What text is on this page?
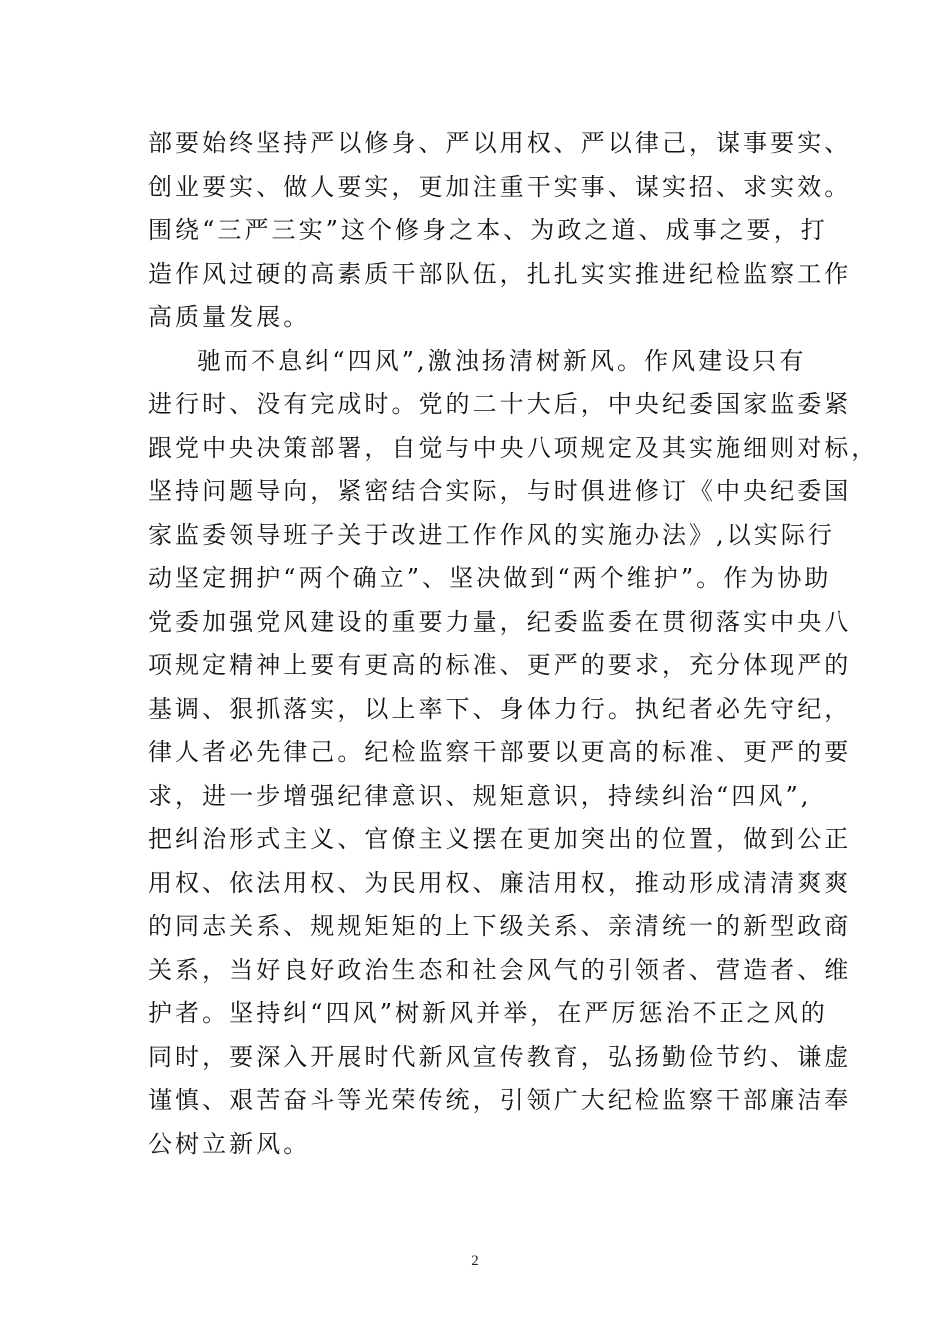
部要始终坚持严以修身、严以用权、严以律己，谋事要实、
创业要实、做人要实，更加注重干实事、谋实招、求实效。
围绕“三严三实”这个修身之本、为政之道、成事之要，打
造作风过硬的高素质干部队伍，扎扎实实推进纪检监察工作
高质量发展。
驰而不息纠“四风”,激浊扬清树新风。作风建设只有
进行时、没有完成时。党的二十大后，中央纪委国家监委紧
跟党中央决策部署，自觉与中央八项规定及其实施细则对标，
坚持问题导向，紧密结合实际，与时俱进修订《中央纪委国
家监委领导班子关于改进工作作风的实施办法》,以实际行
动坚定拥护“两个确立”、坚决做到“两个维护”。作为协助
党委加强党风建设的重要力量，纪委监委在贯彻落实中央八
项规定精神上要有更高的标准、更严的要求，充分体现严的
基调、狠抓落实，以上率下、身体力行。执纪者必先守纪，
律人者必先律己。纪检监察干部要以更高的标准、更严的要
求，进一步增强纪律意识、规矩意识，持续纠治“四风”,
把纠治形式主义、官僚主义摆在更加突出的位置，做到公正
用权、依法用权、为民用权、廉洁用权，推动形成清清爽爽
的同志关系、规规矩矩的上下级关系、亲清统一的新型政商
关系，当好良好政治生态和社会风气的引领者、营造者、维
护者。坚持纠“四风”树新风并举，在严厉惩治不正之风的
同时，要深入开展时代新风宣传教育，弘扬勤俭节约、谦虚
谨慎、艰苦奋斗等光荣传统，引领广大纪检监察干部廉洁奉
公树立新风。
2
